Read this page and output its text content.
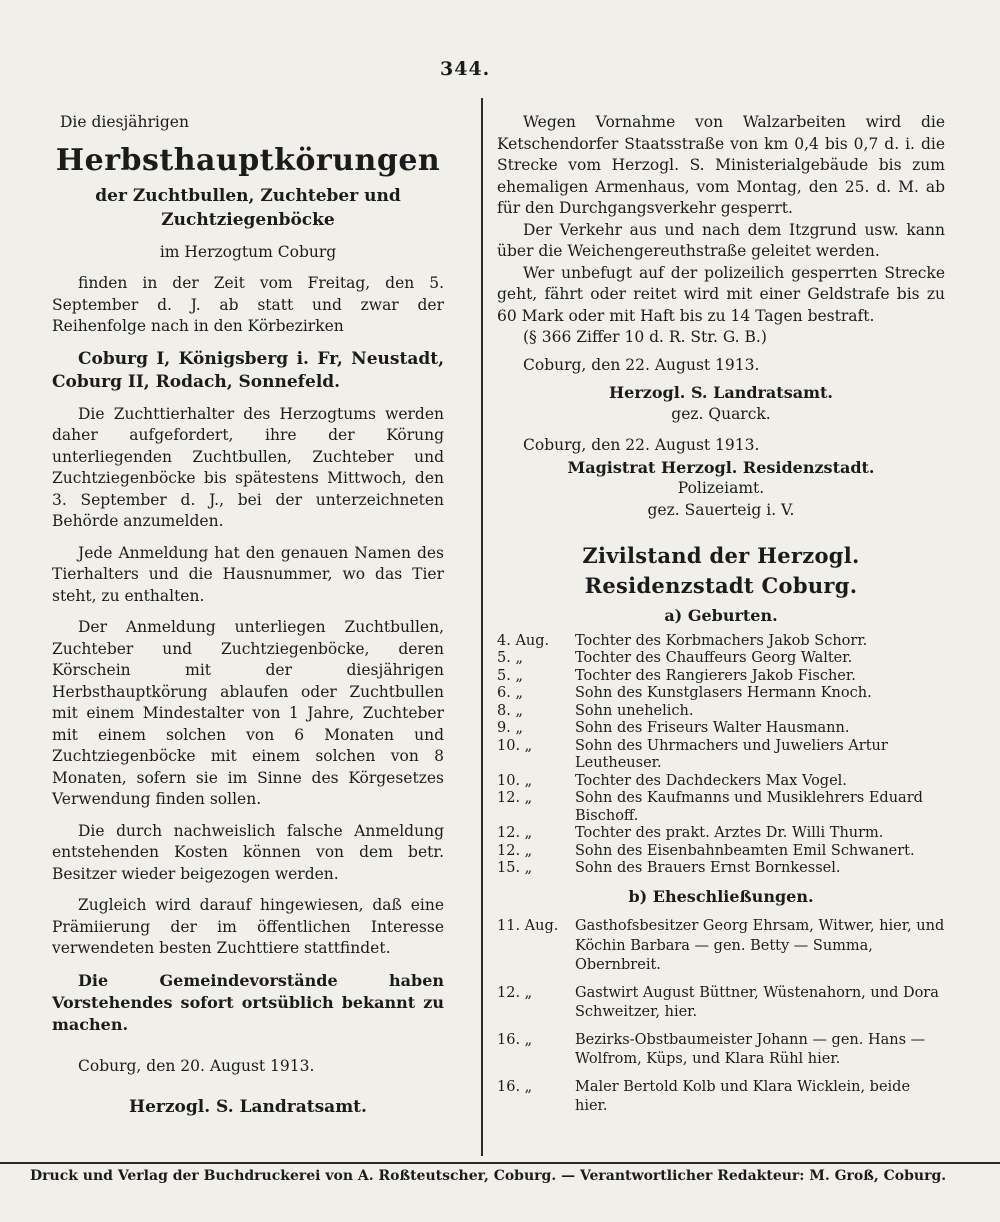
344.

Die diesjährigen

Herbsthauptkörungen
der Zuchtbullen, Zuchteber und Zuchtziegenböcke

im Herzogtum Coburg

finden in der Zeit vom Freitag, den 5. September d. J. ab statt und zwar der Reihenfolge nach in den Körbezirken

Coburg I, Königsberg i. Fr, Neustadt, Coburg II, Rodach, Sonnefeld.

Die Zuchttierhalter des Herzogtums werden daher aufgefordert, ihre der Körung unterliegenden Zuchtbullen, Zuchteber und Zuchtziegenböcke bis spätestens Mittwoch, den 3. September d. J., bei der unterzeichneten Behörde anzumelden.

Jede Anmeldung hat den genauen Namen des Tierhalters und die Hausnummer, wo das Tier steht, zu enthalten.

Der Anmeldung unterliegen Zuchtbullen, Zuchteber und Zuchtziegenböcke, deren Körschein mit der diesjährigen Herbsthauptkörung ablaufen oder Zuchtbullen mit einem Mindestalter von 1 Jahre, Zuchteber mit einem solchen von 6 Monaten und Zuchtziegenböcke mit einem solchen von 8 Monaten, sofern sie im Sinne des Körgesetzes Verwendung finden sollen.

Die durch nachweislich falsche Anmeldung entstehenden Kosten können von dem betr. Besitzer wieder beigezogen werden.

Zugleich wird darauf hingewiesen, daß eine Prämiierung der im öffentlichen Interesse verwendeten besten Zuchttiere stattfindet.

Die Gemeindevorstände haben Vorstehendes sofort ortsüblich bekannt zu machen.

Coburg, den 20. August 1913.

Herzogl. S. Landratsamt.

Wegen Vornahme von Walzarbeiten wird die Ketschendorfer Staatsstraße von km 0,4 bis 0,7 d. i. die Strecke vom Herzogl. S. Ministerialgebäude bis zum ehemaligen Armenhaus, vom Montag, den 25. d. M. ab für den Durchgangsverkehr gesperrt.

Der Verkehr aus und nach dem Itzgrund usw. kann über die Weichengereuthstraße geleitet werden.

Wer unbefugt auf der polizeilich gesperrten Strecke geht, fährt oder reitet wird mit einer Geldstrafe bis zu 60 Mark oder mit Haft bis zu 14 Tagen bestraft.

(§ 366 Ziffer 10 d. R. Str. G. B.)

Coburg, den 22. August 1913.

Herzogl. S. Landratsamt.

gez. Quarck.

Coburg, den 22. August 1913.

Magistrat Herzogl. Residenzstadt.

Polizeiamt.

gez. Sauerteig i. V.

Zivilstand der Herzogl. Residenzstadt Coburg.

a) Geburten.

4. Aug.	Tochter des Korbmachers Jakob Schorr.
5. „	Tochter des Chauffeurs Georg Walter.
5. „	Tochter des Rangierers Jakob Fischer.
6. „	Sohn des Kunstglasers Hermann Knoch.
8. „	Sohn unehelich.
9. „	Sohn des Friseurs Walter Hausmann.
10. „	Sohn des Uhrmachers und Juweliers Artur Leutheuser.
10. „	Tochter des Dachdeckers Max Vogel.
12. „	Sohn des Kaufmanns und Musiklehrers Eduard Bischoff.
12. „	Tochter des prakt. Arztes Dr. Willi Thurm.
12. „	Sohn des Eisenbahnbeamten Emil Schwanert.
15. „	Sohn des Brauers Ernst Bornkessel.

b) Eheschließungen.

11. Aug.	Gasthofsbesitzer Georg Ehrsam, Witwer, hier, und Köchin Barbara — gen. Betty — Summa, Obernbreit.
12. „	Gastwirt August Büttner, Wüstenahorn, und Dora Schweitzer, hier.
16. „	Bezirks-Obstbaumeister Johann — gen. Hans — Wolfrom, Küps, und Klara Rühl hier.
16. „	Maler Bertold Kolb und Klara Wicklein, beide hier.
Druck und Verlag der Buchdruckerei von A. Roßteutscher, Coburg. — Verantwortlicher Redakteur: M. Groß, Coburg.
